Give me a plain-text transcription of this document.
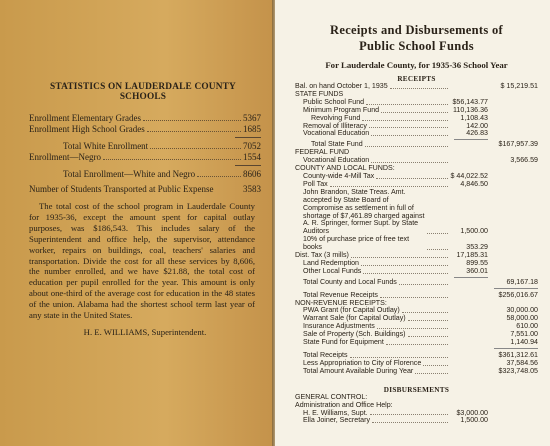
STATISTICS ON LAUDERDALE COUNTY SCHOOLS
Enrollment Elementary Grades	5367
Enrollment High School Grades	1685
Total White Enrollment	7052
Enrollment—Negro	1554
Total Enrollment—White and Negro	8606
Number of Students Transported at Public Expense	3583
The total cost of the school program in Lauderdale County for 1935-36, except the amount spent for capital outlay purposes, was $186,543. This includes salary of the Superintendent and office help, the supervisor, attendance worker, repairs on buildings, coal, teachers' salaries and transportation. Divide the cost for all these services by 8,606, the number enrolled, and we have $21.88, the total cost of education per pupil enrolled for the year. This amount is only about one-third of the average cost for education in the 48 states of the union. Alabama had the shortest school term last year of any state in the United States.
H. E. WILLIAMS, Superintendent.
Receipts and Disbursements of
Public School Funds
For Lauderdale County, for 1935-36 School Year
RECEIPTS
Bal. on hand October 1, 1935	$ 15,219.51
STATE FUNDS
Public School Fund	$56,143.77
Minimum Program Fund	110,136.36
Revolving Fund	1,108.43
Removal of Illiteracy	142.00
Vocational Education	426.83
Total State Fund	$167,957.39
FEDERAL FUND
Vocational Education	3,566.59
COUNTY AND LOCAL FUNDS:
County-wide 4-Mill Tax	$ 44,022.52
Poll Tax	4,846.50
John Brandon, State Treas. Amt. accepted by State Board of Compromise as settlement in full of shortage of $7,461.89 charged against A. R. Springer, former Supt. by State Auditors	1,500.00
10% of purchase price of free text books	353.29
Dist. Tax (3 mills)	17,185.31
Land Redemption	899.55
Other Local Funds	360.01
Total County and Local Funds	69,167.18
Total Revenue Receipts	$256,016.67
NON-REVENUE RECEIPTS:
PWA Grant (for Capital Outlay)	30,000.00
Warrant Sale (for Capital Outlay)	58,000.00
Insurance Adjustments	610.00
Sale of Property (Sch. Buildings)	7,551.00
State Fund for Equipment	1,140.94
Total Receipts	$361,312.61
Less Appropriation to City of Florence	37,584.56
Total Amount Available During Year	$323,748.05
DISBURSEMENTS
GENERAL CONTROL:
Administration and Office Help:
H. E. Williams, Supt.	$3,000.00
Ella Joiner, Secretary	1,500.00
